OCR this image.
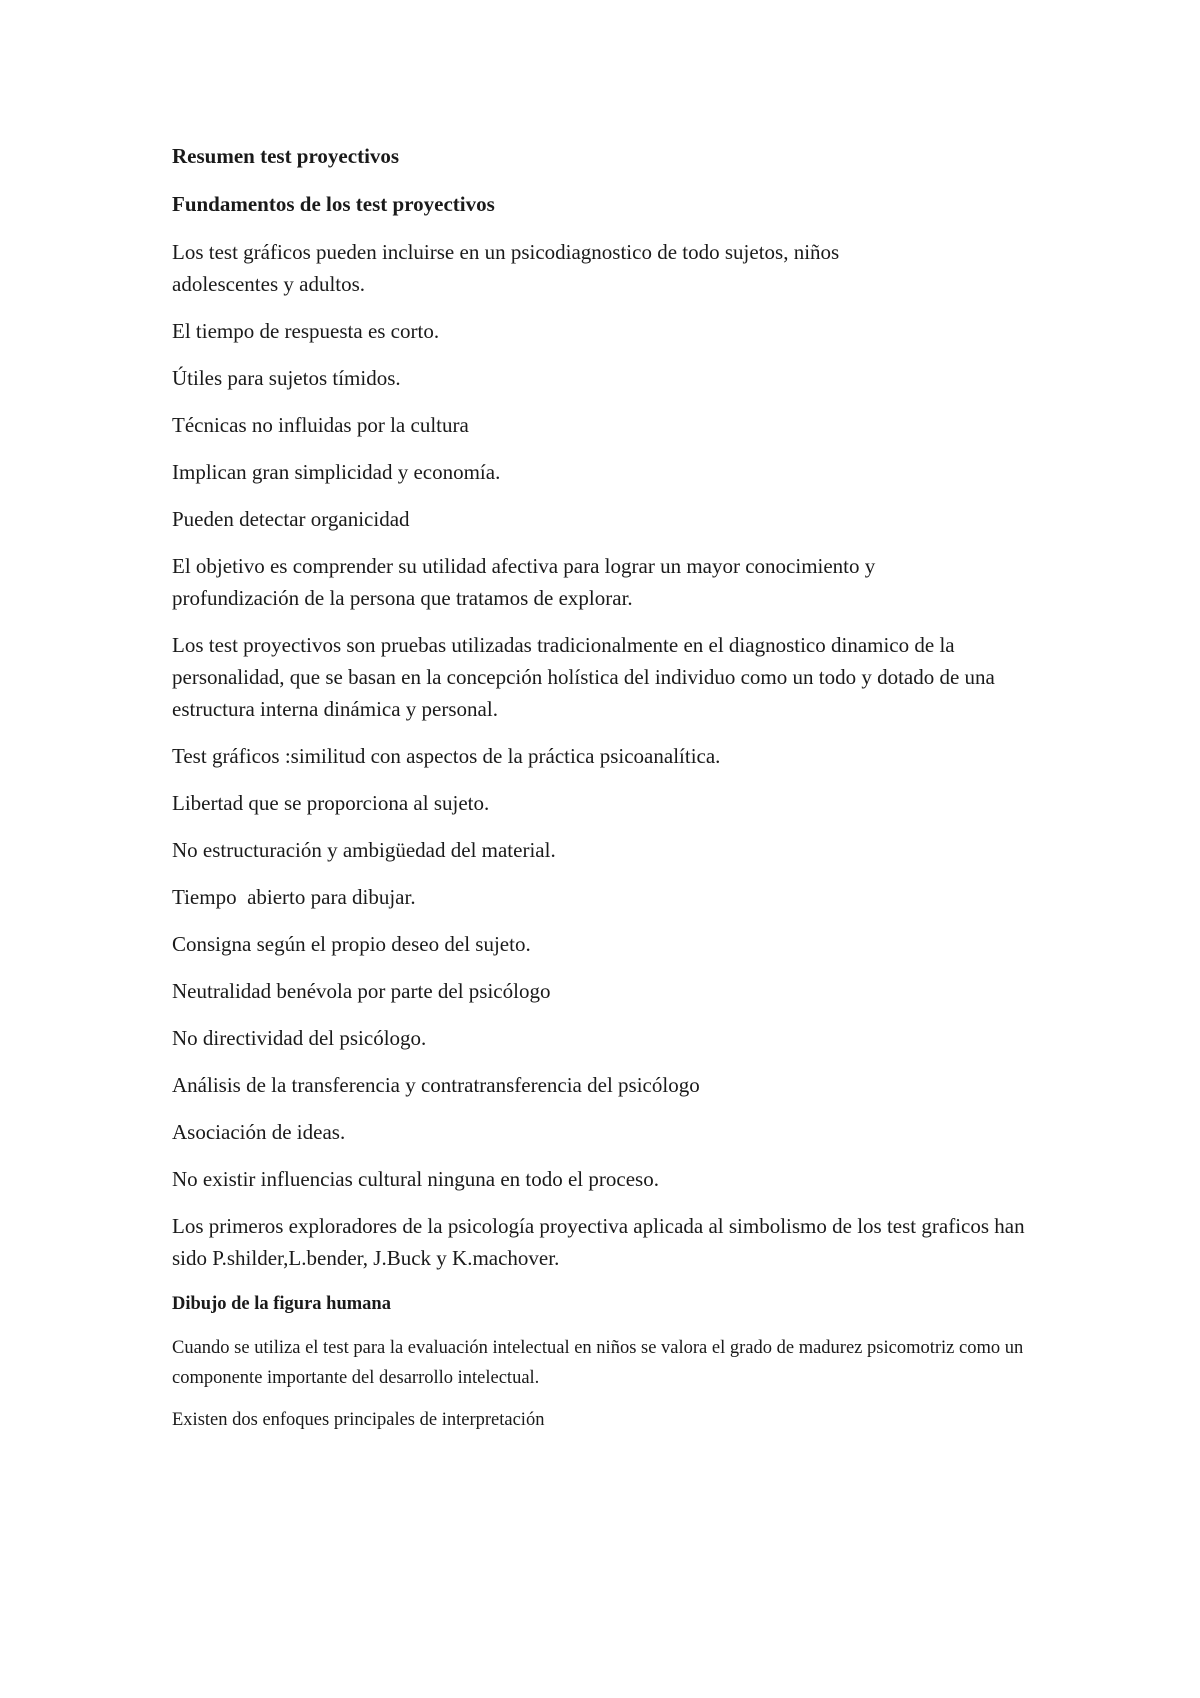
Resumen test proyectivos
Fundamentos de los test proyectivos

Los test gráficos pueden incluirse en un psicodiagnostico de todo sujetos, niños adolescentes y adultos.

El tiempo de respuesta es corto.

Útiles para sujetos tímidos.

Técnicas no influidas por la cultura

Implican gran simplicidad y economía.

Pueden detectar organicidad

El objetivo es comprender su utilidad afectiva para lograr un mayor conocimiento y profundización de la persona que tratamos de explorar.

Los test proyectivos son pruebas utilizadas tradicionalmente en el diagnostico dinamico de la personalidad, que se basan en la concepción holística del individuo como un todo y dotado de una estructura interna dinámica y personal.

Test gráficos :similitud con aspectos de la práctica psicoanalítica.

Libertad que se proporciona al sujeto.

No estructuración y ambigüedad del material.

Tiempo  abierto para dibujar.

Consigna según el propio deseo del sujeto.

Neutralidad benévola por parte del psicólogo

No directividad del psicólogo.

Análisis de la transferencia y contratransferencia del psicólogo

Asociación de ideas.

No existir influencias cultural ninguna en todo el proceso.

Los primeros exploradores de la psicología proyectiva aplicada al simbolismo de los test graficos han sido P.shilder,L.bender, J.Buck y K.machover.

Dibujo de la figura humana

Cuando se utiliza el test para la evaluación intelectual en niños se valora el grado de madurez psicomotriz como un componente importante del desarrollo intelectual.

Existen dos enfoques principales de interpretación
